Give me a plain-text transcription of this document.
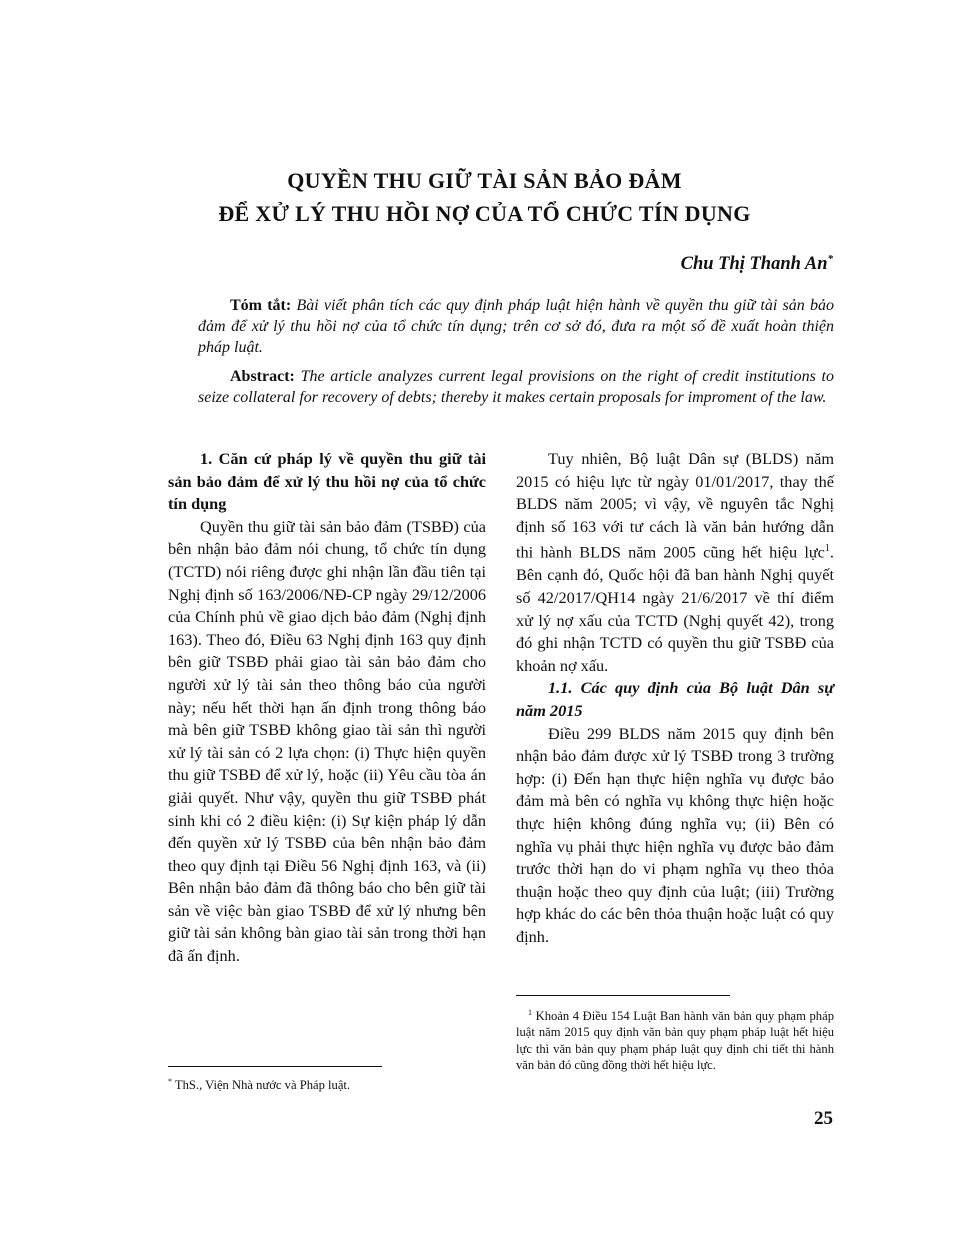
QUYỀN THU GIỮ TÀI SẢN BẢO ĐẢM
ĐỂ XỬ LÝ THU HỒI NỢ CỦA TỔ CHỨC TÍN DỤNG
Chu Thị Thanh An*
Tóm tắt: Bài viết phân tích các quy định pháp luật hiện hành về quyền thu giữ tài sản bảo đảm để xử lý thu hồi nợ của tổ chức tín dụng; trên cơ sở đó, đưa ra một số đề xuất hoàn thiện pháp luật.
Abstract: The article analyzes current legal provisions on the right of credit institutions to seize collateral for recovery of debts; thereby it makes certain proposals for improment of the law.
1. Căn cứ pháp lý về quyền thu giữ tài sản bảo đảm để xử lý thu hồi nợ của tổ chức tín dụng

Quyền thu giữ tài sản bảo đảm (TSBĐ) của bên nhận bảo đảm nói chung, tổ chức tín dụng (TCTD) nói riêng được ghi nhận lần đầu tiên tại Nghị định số 163/2006/NĐ-CP ngày 29/12/2006 của Chính phủ về giao dịch bảo đảm (Nghị định 163). Theo đó, Điều 63 Nghị định 163 quy định bên giữ TSBĐ phải giao tài sản bảo đảm cho người xử lý tài sản theo thông báo của người này; nếu hết thời hạn ấn định trong thông báo mà bên giữ TSBĐ không giao tài sản thì người xử lý tài sản có 2 lựa chọn: (i) Thực hiện quyền thu giữ TSBĐ để xử lý, hoặc (ii) Yêu cầu tòa án giải quyết. Như vậy, quyền thu giữ TSBĐ phát sinh khi có 2 điều kiện: (i) Sự kiện pháp lý dẫn đến quyền xử lý TSBĐ của bên nhận bảo đảm theo quy định tại Điều 56 Nghị định 163, và (ii) Bên nhận bảo đảm đã thông báo cho bên giữ tài sản về việc bàn giao TSBĐ để xử lý nhưng bên giữ tài sản không bàn giao tài sản trong thời hạn đã ấn định.

Tuy nhiên, Bộ luật Dân sự (BLDS) năm 2015 có hiệu lực từ ngày 01/01/2017, thay thế BLDS năm 2005; vì vậy, về nguyên tắc Nghị định số 163 với tư cách là văn bản hướng dẫn thi hành BLDS năm 2005 cũng hết hiệu lực$^1$. Bên cạnh đó, Quốc hội đã ban hành Nghị quyết số 42/2017/QH14 ngày 21/6/2017 về thí điểm xử lý nợ xấu của TCTD (Nghị quyết 42), trong đó ghi nhận TCTD có quyền thu giữ TSBĐ của khoản nợ xấu.

1.1. Các quy định của Bộ luật Dân sự năm 2015

Điều 299 BLDS năm 2015 quy định bên nhận bảo đảm được xử lý TSBĐ trong 3 trường hợp: (i) Đến hạn thực hiện nghĩa vụ được bảo đảm mà bên có nghĩa vụ không thực hiện hoặc thực hiện không đúng nghĩa vụ; (ii) Bên có nghĩa vụ phải thực hiện nghĩa vụ được bảo đảm trước thời hạn do vi phạm nghĩa vụ theo thỏa thuận hoặc theo quy định của luật; (iii) Trường hợp khác do các bên thỏa thuận hoặc luật có quy định.

$^1$ Khoản 4 Điều 154 Luật Ban hành văn bản quy phạm pháp luật năm 2015 quy định văn bản quy phạm pháp luật hết hiệu lực thì văn bản quy phạm pháp luật quy định chi tiết thi hành văn bản đó cũng đồng thời hết hiệu lực.

* ThS., Viện Nhà nước và Pháp luật.

25
